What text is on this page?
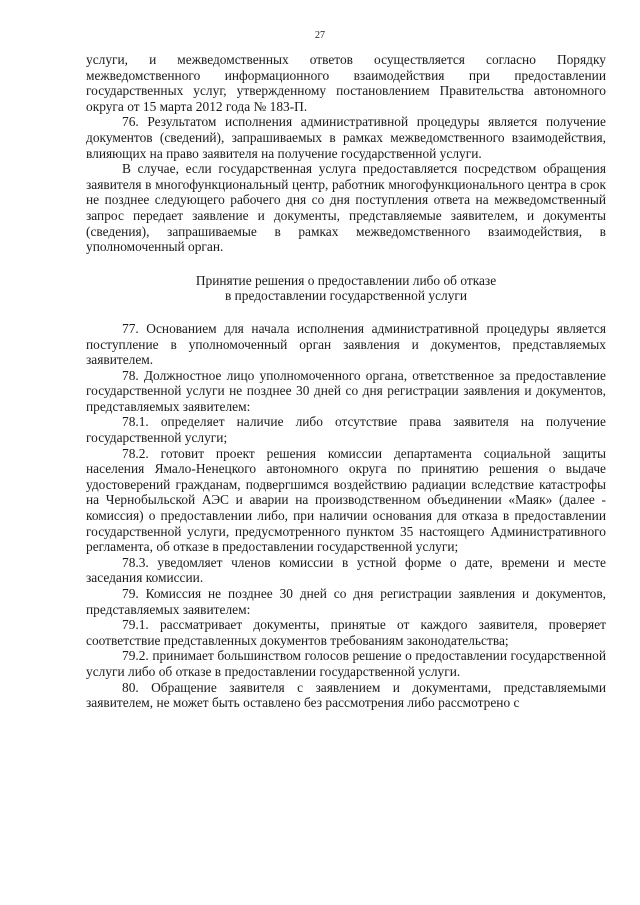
27

услуги, и межведомственных ответов осуществляется согласно Порядку межведомственного информационного взаимодействия при предоставлении государственных услуг, утвержденному постановлением Правительства автономного округа от 15 марта 2012 года № 183-П.

76. Результатом исполнения административной процедуры является получение документов (сведений), запрашиваемых в рамках межведомственного взаимодействия, влияющих на право заявителя на получение государственной услуги.

В случае, если государственная услуга предоставляется посредством обращения заявителя в многофункциональный центр, работник многофункционального центра в срок не позднее следующего рабочего дня со дня поступления ответа на межведомственный запрос передает заявление и документы, представляемые заявителем, и документы (сведения), запрашиваемые в рамках межведомственного взаимодействия, в уполномоченный орган.

Принятие решения о предоставлении либо об отказе
в предоставлении государственной услуги

77. Основанием для начала исполнения административной процедуры является поступление в уполномоченный орган заявления и документов, представляемых заявителем.

78. Должностное лицо уполномоченного органа, ответственное за предоставление государственной услуги не позднее 30 дней со дня регистрации заявления и документов, представляемых заявителем:

78.1. определяет наличие либо отсутствие права заявителя на получение государственной услуги;

78.2. готовит проект решения комиссии департамента социальной защиты населения Ямало-Ненецкого автономного округа по принятию решения о выдаче удостоверений гражданам, подвергшимся воздействию радиации вследствие катастрофы на Чернобыльской АЭС и аварии на производственном объединении «Маяк» (далее - комиссия) о предоставлении либо, при наличии основания для отказа в предоставлении государственной услуги, предусмотренного пунктом 35 настоящего Административного регламента, об отказе в предоставлении государственной услуги;

78.3. уведомляет членов комиссии в устной форме о дате, времени и месте заседания комиссии.

79. Комиссия не позднее 30 дней со дня регистрации заявления и документов, представляемых заявителем:

79.1. рассматривает документы, принятые от каждого заявителя, проверяет соответствие представленных документов требованиям законодательства;

79.2. принимает большинством голосов решение о предоставлении государственной услуги либо об отказе в предоставлении государственной услуги.

80. Обращение заявителя с заявлением и документами, представляемыми заявителем, не может быть оставлено без рассмотрения либо рассмотрено с
